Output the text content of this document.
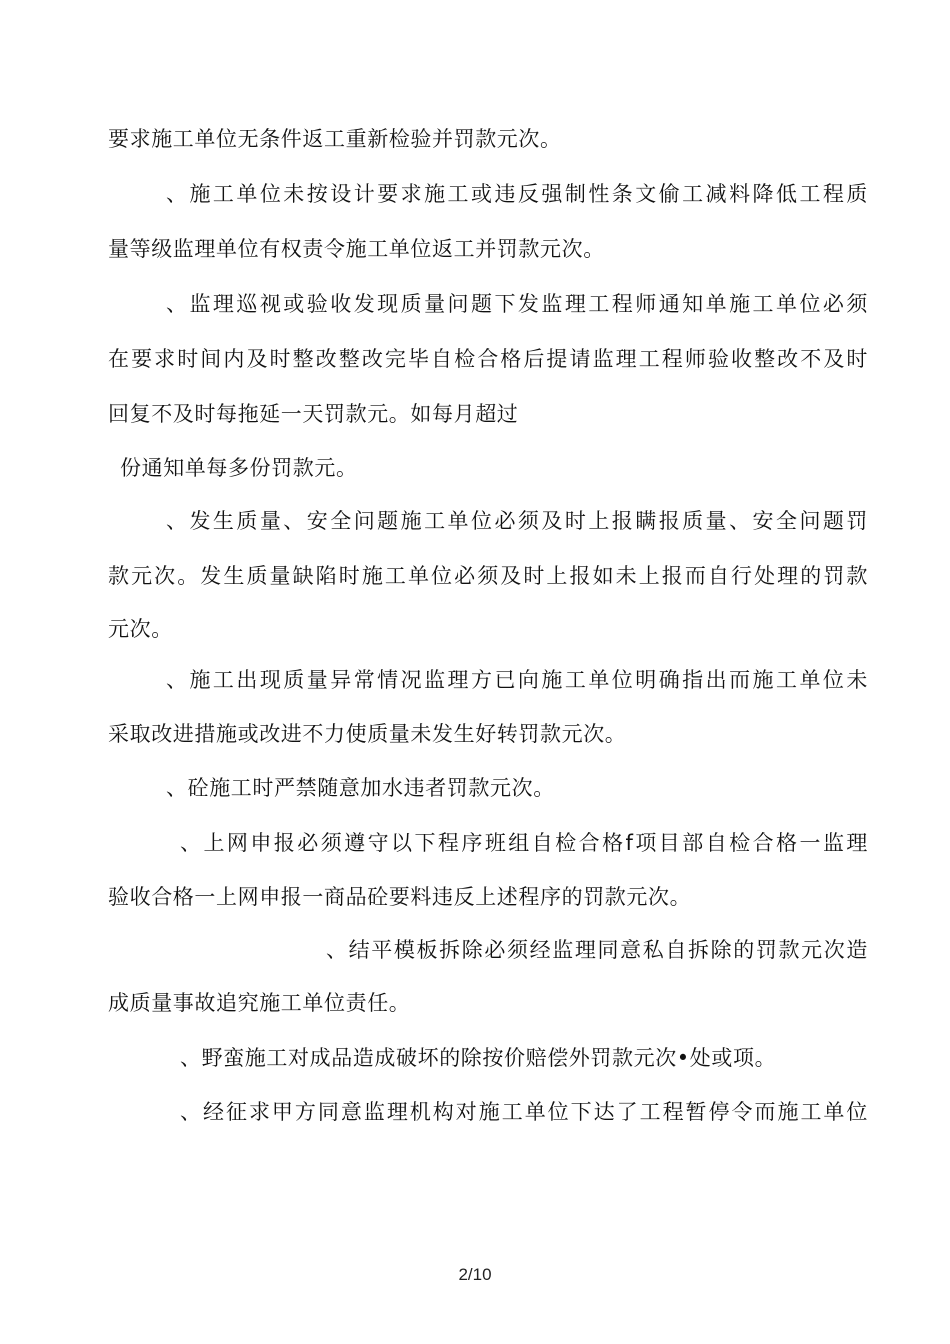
要求施工单位无条件返工重新检验并罚款元次。
、施工单位未按设计要求施工或违反强制性条文偷工减料降低工程质
量等级监理单位有权责令施工单位返工并罚款元次。
、监理巡视或验收发现质量问题下发监理工程师通知单施工单位必须
在要求时间内及时整改整改完毕自检合格后提请监理工程师验收整改不及时
回复不及时每拖延一天罚款元。如每月超过
份通知单每多份罚款元。
、发生质量、安全问题施工单位必须及时上报瞒报质量、安全问题罚
款元次。发生质量缺陷时施工单位必须及时上报如未上报而自行处理的罚款
元次。
、施工出现质量异常情况监理方已向施工单位明确指出而施工单位未
采取改进措施或改进不力使质量未发生好转罚款元次。
、砼施工时严禁随意加水违者罚款元次。
、上网申报必须遵守以下程序班组自检合格f项目部自检合格一监理
验收合格一上网申报一商品砼要料违反上述程序的罚款元次。
、结平模板拆除必须经监理同意私自拆除的罚款元次造
成质量事故追究施工单位责任。
、野蛮施工对成品造成破坏的除按价赔偿外罚款元次•处或项。
、经征求甲方同意监理机构对施工单位下达了工程暂停令而施工单位
2/10
